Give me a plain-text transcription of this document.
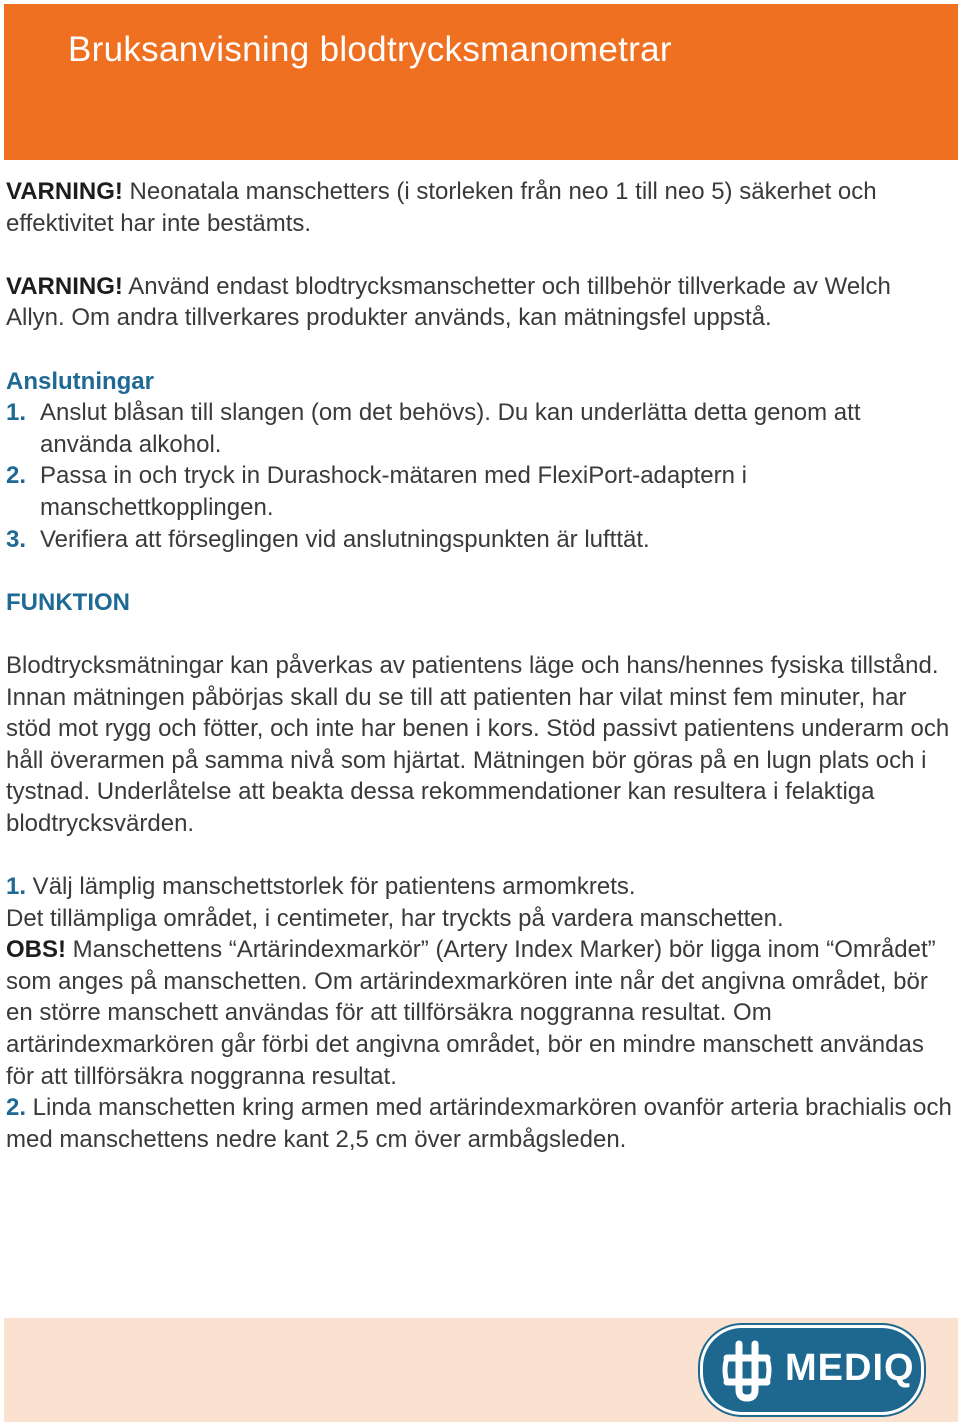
Bruksanvisning blodtrycksmanometrar

VARNING! Neonatala manschetters (i storleken från neo 1 till neo 5) säkerhet och effektivitet har inte bestämts.

VARNING! Använd endast blodtrycksmanschetter och tillbehör tillverkade av Welch Allyn. Om andra tillverkares produkter används, kan mätningsfel uppstå.

Anslutningar

1. Anslut blåsan till slangen (om det behövs). Du kan underlätta detta genom att använda alkohol.

2. Passa in och tryck in Durashock-mätaren med FlexiPort-adaptern i manschettkopplingen.

3. Verifiera att förseglingen vid anslutningspunkten är lufttät.

FUNKTION

Blodtrycksmätningar kan påverkas av patientens läge och hans/hennes fysiska tillstånd. Innan mätningen påbörjas skall du se till att patienten har vilat minst fem minuter, har stöd mot rygg och fötter, och inte har benen i kors. Stöd passivt patientens underarm och håll överarmen på samma nivå som hjärtat. Mätningen bör göras på en lugn plats och i tystnad. Underlåtelse att beakta dessa rekommendationer kan resultera i felaktiga blodtrycksvärden.

1. Välj lämplig manschettstorlek för patientens armomkrets.

Det tillämpliga området, i centimeter, har tryckts på vardera manschetten.

OBS! Manschettens “Artärindexmarkör” (Artery Index Marker) bör ligga inom “Området” som anges på manschetten. Om artärindexmarkören inte når det angivna området, bör en större manschett användas för att tillförsäkra noggranna resultat. Om artärindexmarkören går förbi det angivna området, bör en mindre manschett användas för att tillförsäkra noggranna resultat.

2. Linda manschetten kring armen med artärindexmarkören ovanför arteria brachialis och med manschettens nedre kant 2,5 cm över armbågsleden.

MEDIQ
